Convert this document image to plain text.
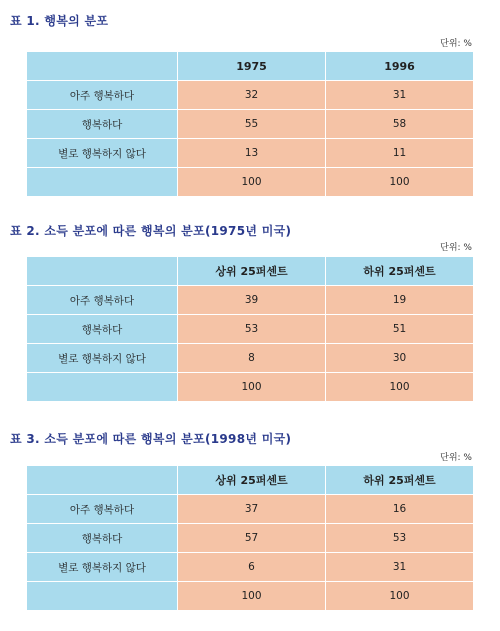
표 1. 행복의 분포
단위: %
	1975	1996
아주 행복하다	32	31
행복하다	55	58
별로 행복하지 않다	13	11
	100	100
표 2. 소득 분포에 따른 행복의 분포(1975년 미국)
단위: %
	상위 25퍼센트	하위 25퍼센트
아주 행복하다	39	19
행복하다	53	51
별로 행복하지 않다	8	30
	100	100
표 3. 소득 분포에 따른 행복의 분포(1998년 미국)
단위: %
	상위 25퍼센트	하위 25퍼센트
아주 행복하다	37	16
행복하다	57	53
별로 행복하지 않다	6	31
	100	100
